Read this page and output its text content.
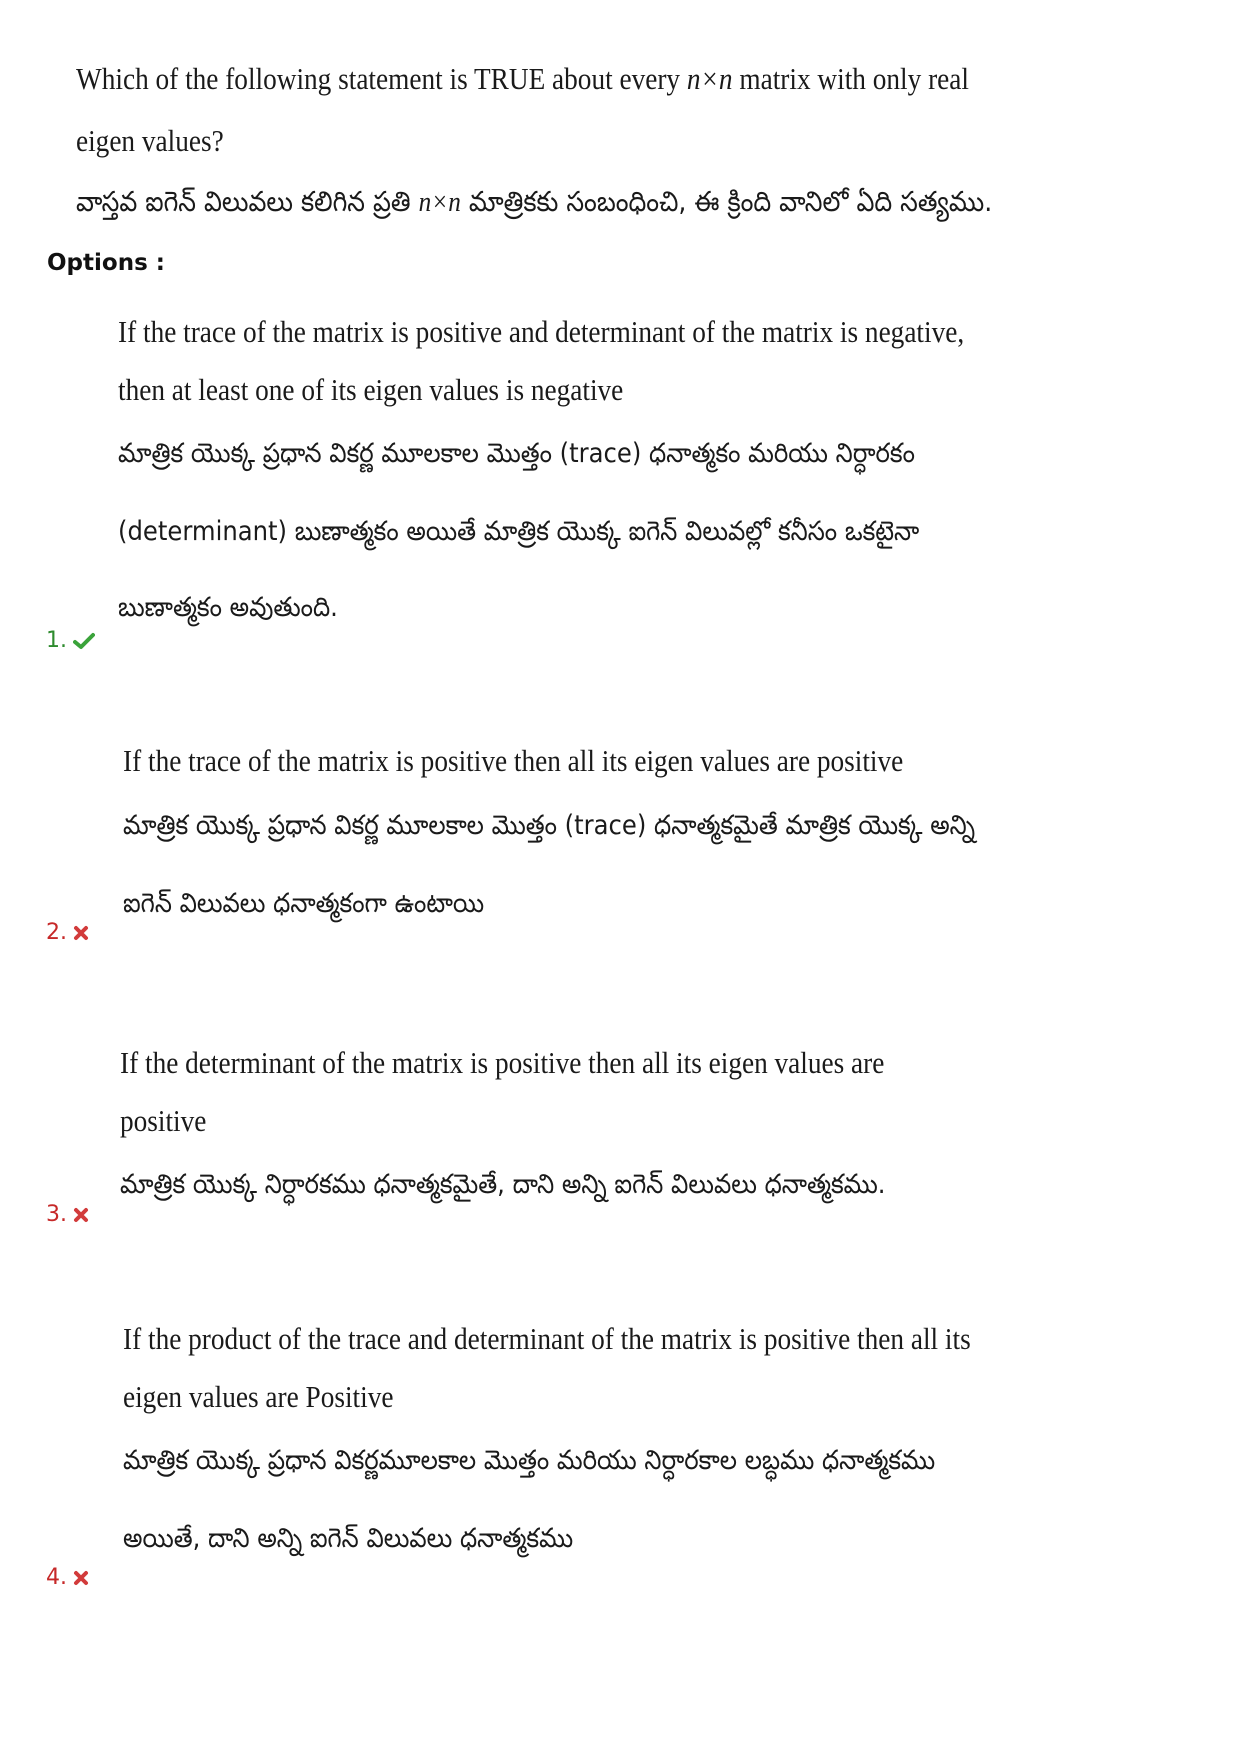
Which of the following statement is TRUE about every n×n matrix with only real
eigen values?
వాస్తవ ఐగెన్ విలువలు కలిగిన ప్రతి n×n మాత్రికకు సంబంధించి, ఈ క్రింది వానిలో ఏది సత్యము.
Options :
If the trace of the matrix is positive and determinant of the matrix is negative,
then at least one of its eigen values is negative
మాత్రిక యొక్క ప్రధాన వికర్ణ మూలకాల మొత్తం (trace) ధనాత్మకం మరియు నిర్ధారకం
(determinant) బుణాత్మకం అయితే మాత్రిక యొక్క ఐగెన్ విలువల్లో కనీసం ఒకటైనా
బుణాత్మకం అవుతుంది.
1.
If the trace of the matrix is positive then all its eigen values are positive
మాత్రిక యొక్క ప్రధాన వికర్ణ మూలకాల మొత్తం (trace) ధనాత్మకమైతే మాత్రిక యొక్క అన్ని
ఐగెన్ విలువలు ధనాత్మకంగా ఉంటాయి
2.
If the determinant of the matrix is positive then all its eigen values are
positive
మాత్రిక యొక్క నిర్ధారకము ధనాత్మకమైతే, దాని అన్ని ఐగెన్ విలువలు ధనాత్మకము.
3.
If the product of the trace and determinant of the matrix is positive then all its
eigen values are Positive
మాత్రిక యొక్క ప్రధాన వికర్ణమూలకాల మొత్తం మరియు నిర్ధారకాల లబ్ధము ధనాత్మకము
అయితే, దాని అన్ని ఐగెన్ విలువలు ధనాత్మకము
4.
